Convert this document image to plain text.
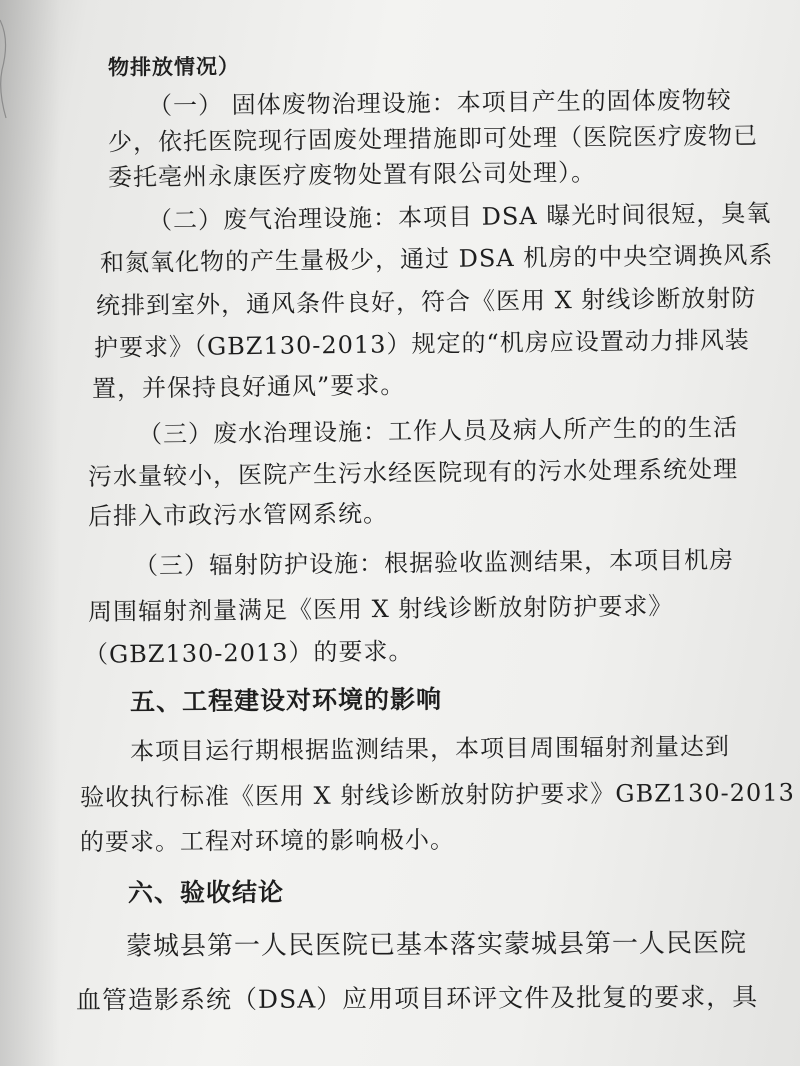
物排放情况）
（一） 固体废物治理设施：本项目产生的固体废物较
少，依托医院现行固废处理措施即可处理（医院医疗废物已
委托亳州永康医疗废物处置有限公司处理）。
（二）废气治理设施：本项目 DSA 曝光时间很短，臭氧
和氮氧化物的产生量极少，通过 DSA 机房的中央空调换风系
统排到室外，通风条件良好，符合《医用 X 射线诊断放射防
护要求》（GBZ130-2013）规定的“机房应设置动力排风装
置，并保持良好通风”要求。
（三）废水治理设施：工作人员及病人所产生的的生活
污水量较小，医院产生污水经医院现有的污水处理系统处理
后排入市政污水管网系统。
（三）辐射防护设施：根据验收监测结果，本项目机房
周围辐射剂量满足《医用 X 射线诊断放射防护要求》
（GBZ130-2013）的要求。
五、工程建设对环境的影响
本项目运行期根据监测结果，本项目周围辐射剂量达到
验收执行标准《医用 X 射线诊断放射防护要求》GBZ130-2013
的要求。工程对环境的影响极小。
六、验收结论
蒙城县第一人民医院已基本落实蒙城县第一人民医院
血管造影系统（DSA）应用项目环评文件及批复的要求，具
